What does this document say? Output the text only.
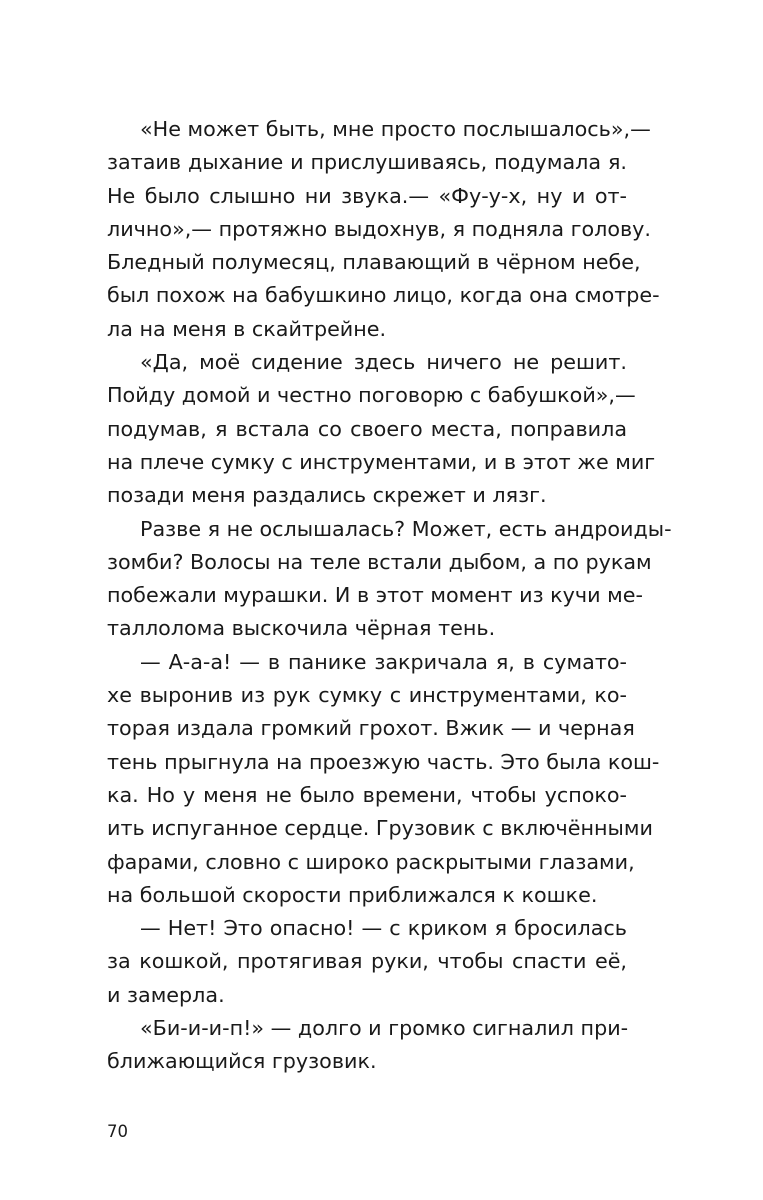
«Не может быть, мне просто послышалось»,—
затаив дыхание и прислушиваясь, подумала я.
Не было слышно ни звука.— «Фу-у-х, ну и от-
лично»,— протяжно выдохнув, я подняла голову.
Бледный полумесяц, плавающий в чёрном небе,
был похож на бабушкино лицо, когда она смотре-
ла на меня в скайтрейне.
«Да, моё сидение здесь ничего не решит.
Пойду домой и честно поговорю с бабушкой»,—
подумав, я встала со своего места, поправила
на плече сумку с инструментами, и в этот же миг
позади меня раздались скрежет и лязг.
Разве я не ослышалась? Может, есть андроиды-
зомби? Волосы на теле встали дыбом, а по рукам
побежали мурашки. И в этот момент из кучи ме-
таллолома выскочила чёрная тень.
— А-а-а! — в панике закричала я, в сумато-
хе выронив из рук сумку с инструментами, ко-
торая издала громкий грохот. Вжик — и черная
тень прыгнула на проезжую часть. Это была кош-
ка. Но у меня не было времени, чтобы успоко-
ить испуганное сердце. Грузовик с включёнными
фарами, словно с широко раскрытыми глазами,
на большой скорости приближался к кошке.
— Нет! Это опасно! — с криком я бросилась
за кошкой, протягивая руки, чтобы спасти её,
и замерла.
«Би-и-и-п!» — долго и громко сигналил при-
ближающийся грузовик.
70
